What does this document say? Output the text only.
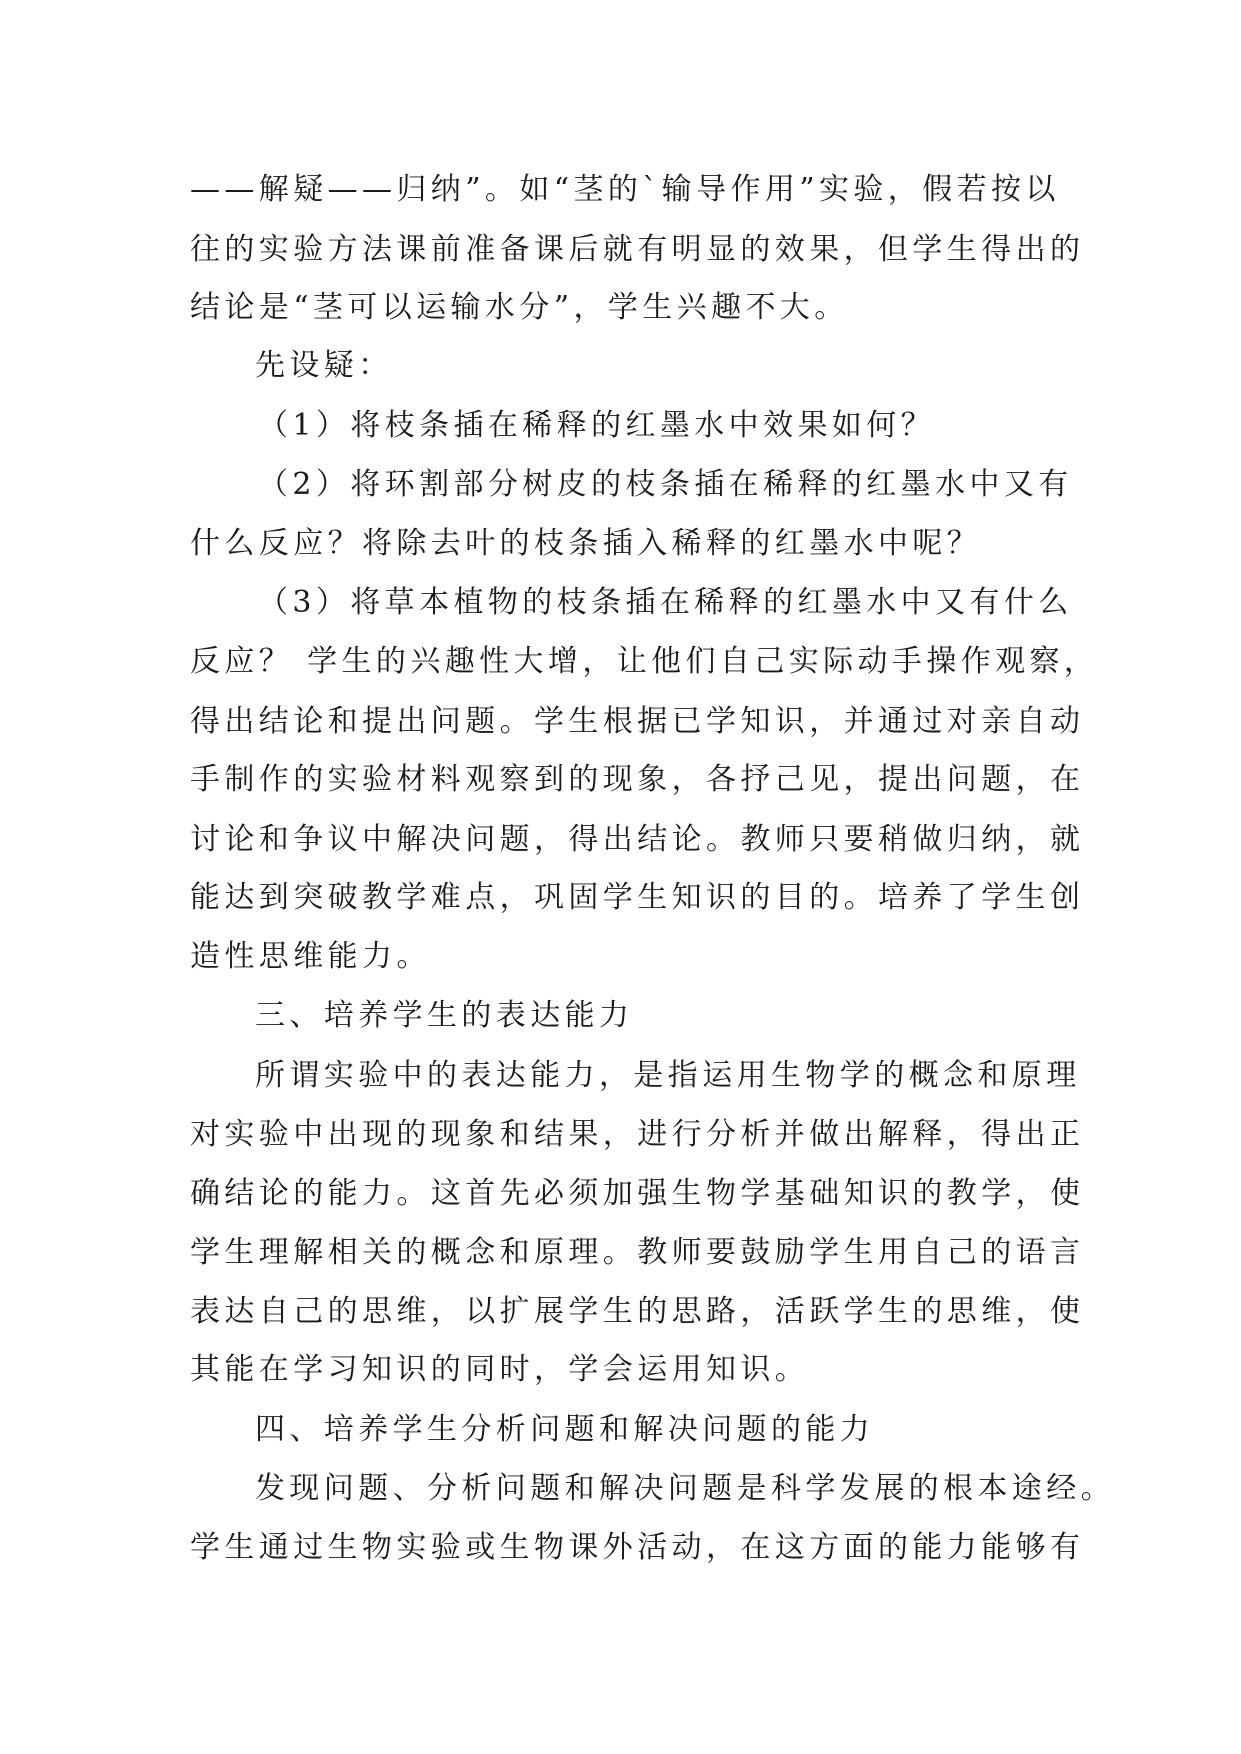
——解疑——归纳”。如“茎的`输导作用”实验，假若按以
往的实验方法课前准备课后就有明显的效果，但学生得出的
结论是“茎可以运输水分”，学生兴趣不大。
先设疑：
（1）将枝条插在稀释的红墨水中效果如何？
（2）将环割部分树皮的枝条插在稀释的红墨水中又有
什么反应？将除去叶的枝条插入稀释的红墨水中呢？
（3）将草本植物的枝条插在稀释的红墨水中又有什么
反应？ 学生的兴趣性大增，让他们自己实际动手操作观察，
得出结论和提出问题。学生根据已学知识，并通过对亲自动
手制作的实验材料观察到的现象，各抒己见，提出问题，在
讨论和争议中解决问题，得出结论。教师只要稍做归纳，就
能达到突破教学难点，巩固学生知识的目的。培养了学生创
造性思维能力。
三、培养学生的表达能力
所谓实验中的表达能力，是指运用生物学的概念和原理
对实验中出现的现象和结果，进行分析并做出解释，得出正
确结论的能力。这首先必须加强生物学基础知识的教学，使
学生理解相关的概念和原理。教师要鼓励学生用自己的语言
表达自己的思维，以扩展学生的思路，活跃学生的思维，使
其能在学习知识的同时，学会运用知识。
四、培养学生分析问题和解决问题的能力
发现问题、分析问题和解决问题是科学发展的根本途经。
学生通过生物实验或生物课外活动，在这方面的能力能够有
